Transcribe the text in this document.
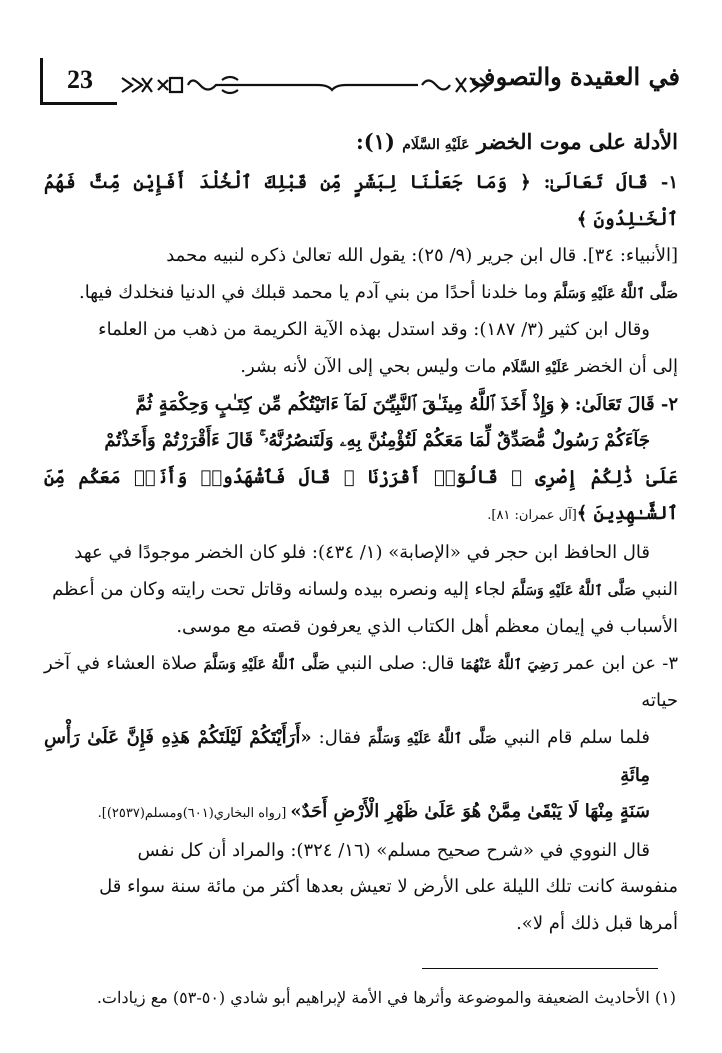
23	في العقيدة والتصوف

الأدلة على موت الخضر عَلَيْهِ السَّلَام (١):

١- قَالَ تَعَالَىٰ: ﴿ وَمَا جَعَلْنَا لِبَشَرٍ مِّن قَبْلِكَ ٱلْخُلْدَ أَفَإِيْن مِّتَّ فَهُمُ ٱلْخَـٰلِدُونَ ﴾

[الأنبياء: ٣٤]. قال ابن جرير (٩/ ٢٥): يقول الله تعالىٰ ذكره لنبيه محمد

صَلَّى ٱللَّهُ عَلَيْهِ وَسَلَّمَ وما خلدنا أحدًا من بني آدم يا محمد قبلك في الدنيا فنخلدك فيها.

وقال ابن كثير (٣/ ١٨٧): وقد استدل بهذه الآية الكريمة من ذهب من العلماء

إلى أن الخضر عَلَيْهِ السَّلَام مات وليس بحي إلى الآن لأنه بشر.

٢- قَالَ تَعَالَىٰ: ﴿ وَإِذْ أَخَذَ ٱللَّهُ مِيثَـٰقَ ٱلنَّبِيِّـۧنَ لَمَآ ءَاتَيْتُكُم مِّن كِتَـٰبٍ وَحِكْمَةٍ ثُمَّ

جَآءَكُمْ رَسُولٌ مُّصَدِّقٌ لِّمَا مَعَكُمْ لَتُؤْمِنُنَّ بِهِۦ وَلَتَنصُرُنَّهُۥ ۚ قَالَ ءَأَقْرَرْتُمْ وَأَخَذْتُمْ

عَلَىٰ ذَٰلِكُمْ إِصْرِى ۖ قَالُوٓا۟ أَقْرَرْنَا ۚ قَالَ فَٱشْهَدُوا۟ وَأَنَا۠ مَعَكُم مِّنَ ٱلشَّـٰهِدِينَ ﴾[آل عمران: ٨١].

قال الحافظ ابن حجر في «الإصابة» (١/ ٤٣٤): فلو كان الخضر موجودًا في عهد

النبي صَلَّى ٱللَّهُ عَلَيْهِ وَسَلَّمَ لجاء إليه ونصره بيده ولسانه وقاتل تحت رايته وكان من أعظم

الأسباب في إيمان معظم أهل الكتاب الذي يعرفون قصته مع موسى.

٣- عن ابن عمر رَضِيَ ٱللَّهُ عَنْهُمَا قال: صلى النبي صَلَّى ٱللَّهُ عَلَيْهِ وَسَلَّمَ صلاة العشاء في آخر حياته

فلما سلم قام النبي صَلَّى ٱللَّهُ عَلَيْهِ وَسَلَّمَ فقال: «أَرَأَيْتَكُمْ لَيْلَتَكُمْ هَذِهِ فَإِنَّ عَلَىٰ رَأْسِ مِائَةِ

سَنَةٍ مِنْهَا لَا يَبْقَىٰ مِمَّنْ هُوَ عَلَىٰ ظَهْرِ الْأَرْضِ أَحَدٌ» [رواه البخاري(٦٠١)ومسلم(٢٥٣٧)].

قال النووي في «شرح صحيح مسلم» (١٦/ ٣٢٤): والمراد أن كل نفس

منفوسة كانت تلك الليلة على الأرض لا تعيش بعدها أكثر من مائة سنة سواء قل

أمرها قبل ذلك أم لا».

(١) الأحاديث الضعيفة والموضوعة وأثرها في الأمة لإبراهيم أبو شادي (٥٠-٥٣) مع زيادات.
